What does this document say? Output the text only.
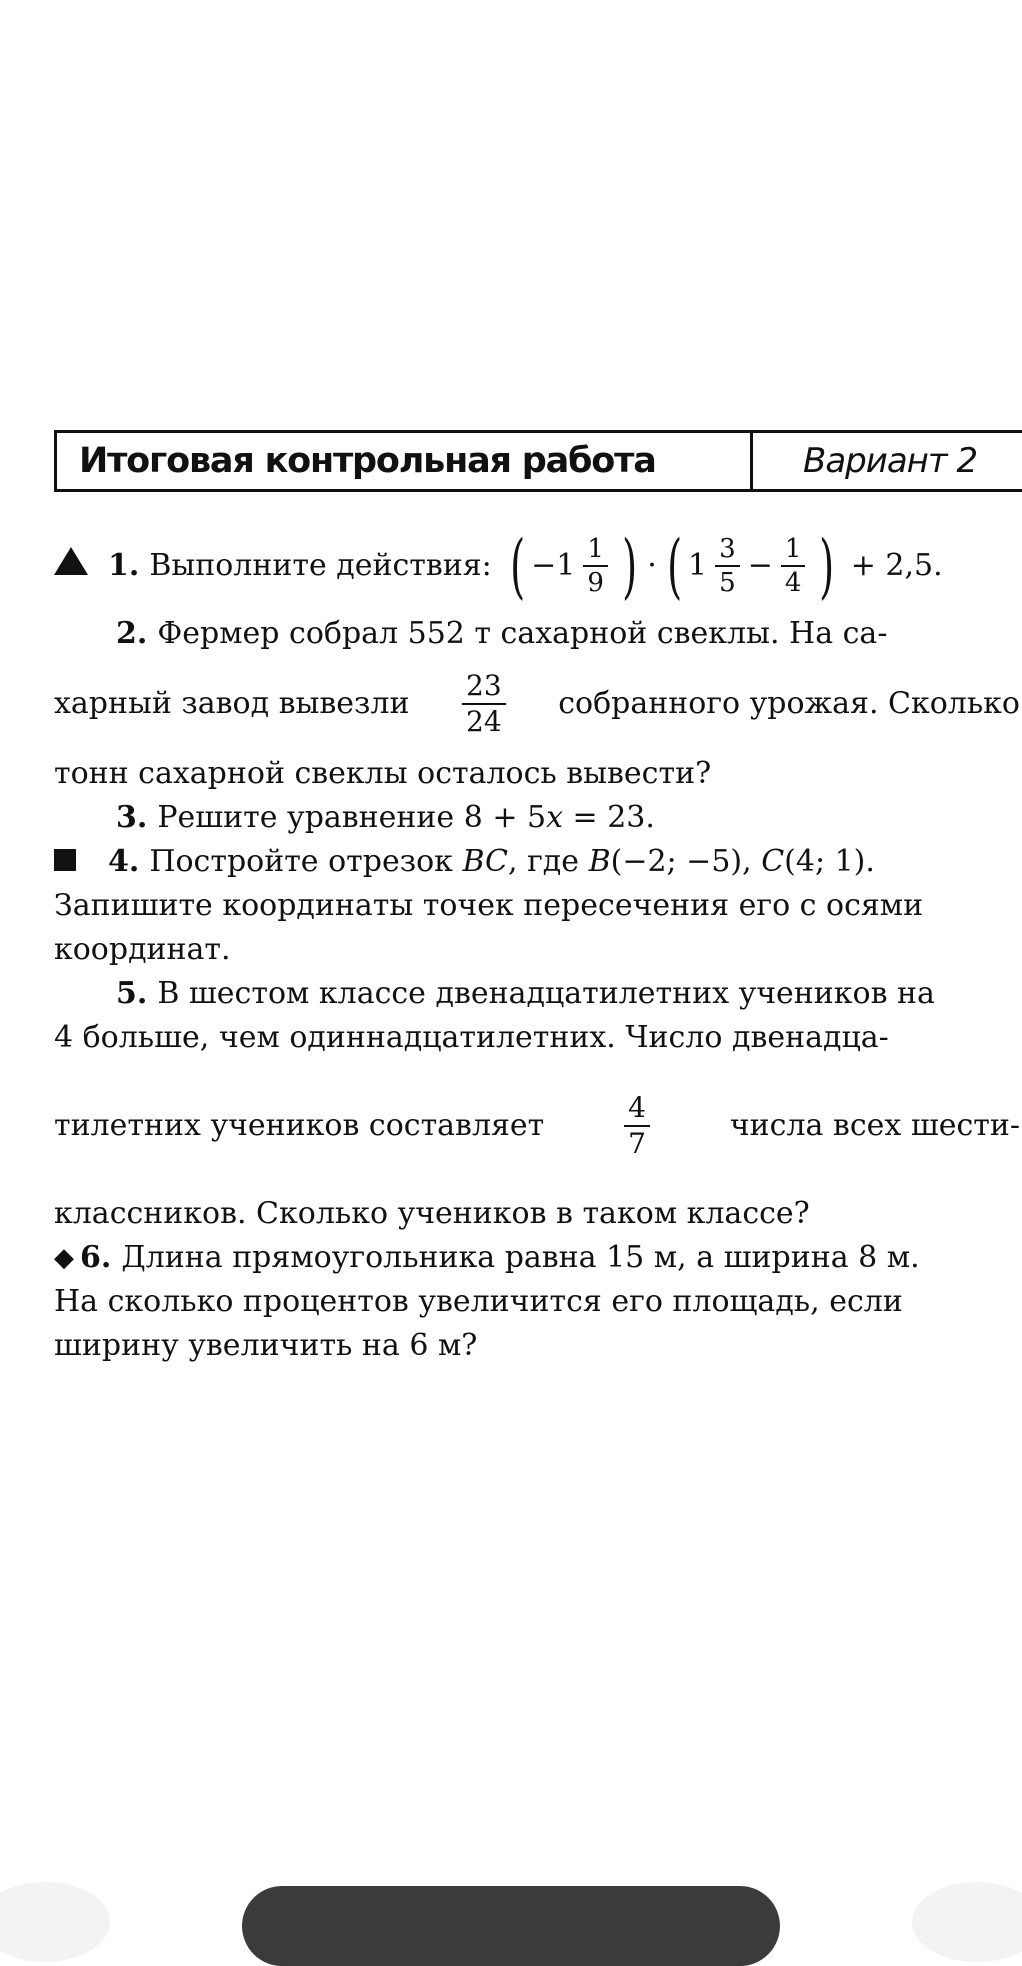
Итоговая контрольная работа	Вариант 2
1. Выполните действия: ( $-1 \frac{1}{9}$ ) · ( $1 \frac{3}{5} - \frac{1}{4}$ ) + 2,5.
2. Фермер собрал 552 т сахарной свеклы. На са-
харный завод вывезли $\frac{23}{24}$ собранного урожая. Сколько
тонн сахарной свеклы осталось вывести?
3. Решите уравнение 8 + 5 x = 23.
4. Постройте отрезок BC , где B (−2; −5), C (4; 1).
Запишите координаты точек пересечения его с осями
координат.
5. В шестом классе двенадцатилетних учеников на
4 больше, чем одиннадцатилетних. Число двенадца-
тилетних учеников составляет	$\frac{4}{7}$	числа всех шести-
классников. Сколько учеников в таком классе?
◆ 6. Длина прямоугольника равна 15 м, а ширина 8 м.
На сколько процентов увеличится его площадь, если
ширину увеличить на 6 м?
